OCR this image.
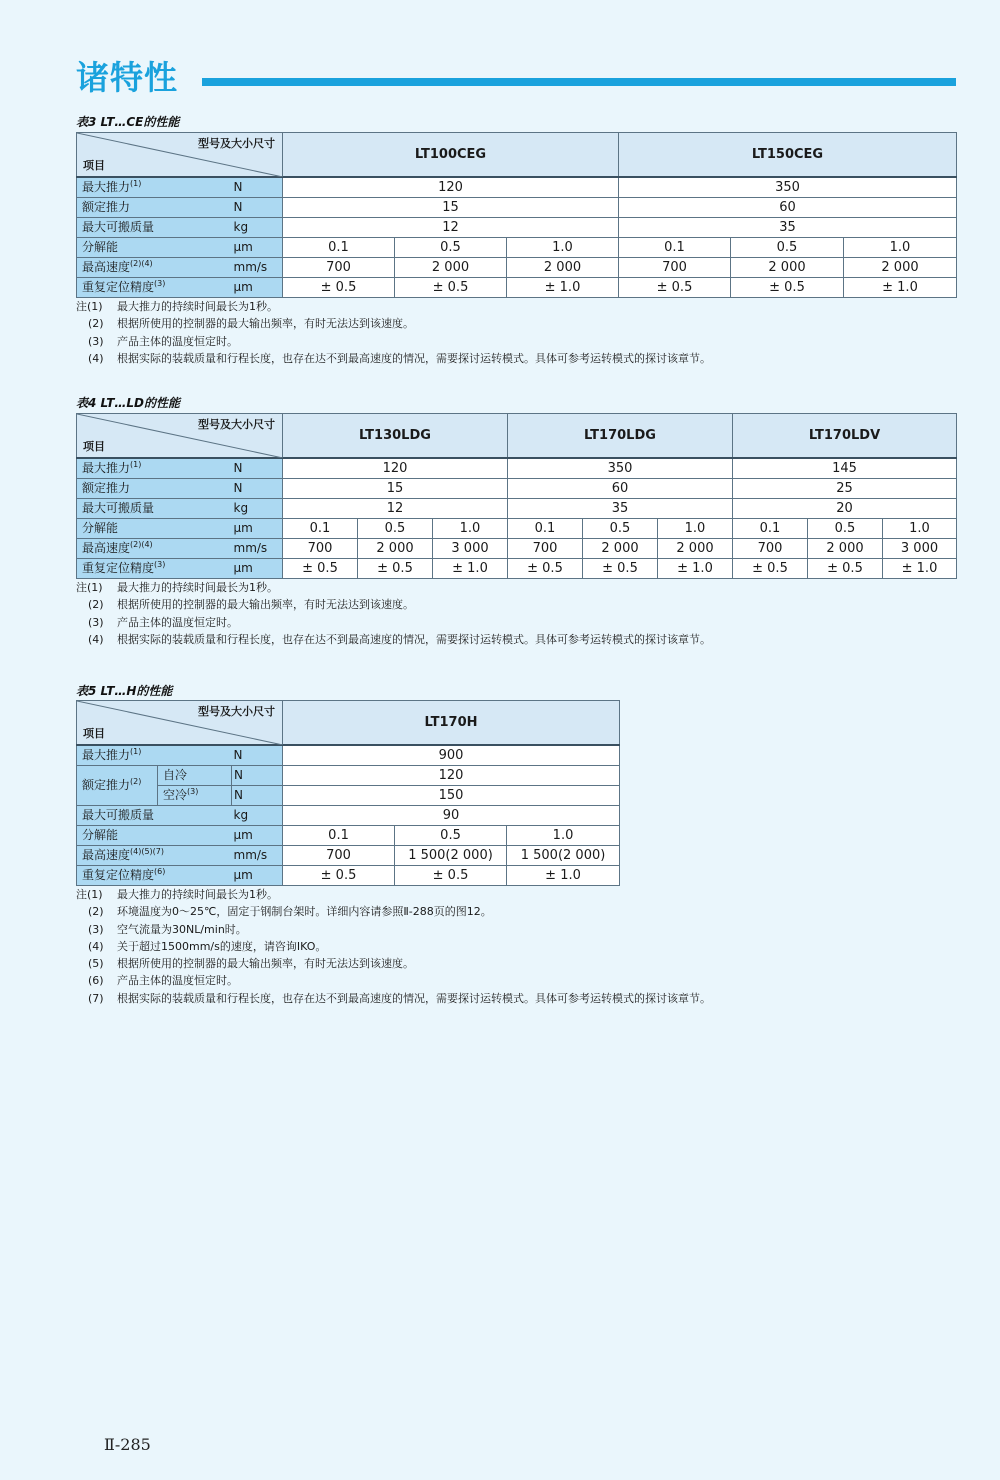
诸特性
表3 LT…CE的性能
型号及大小尺寸
项目		LT100CEG			LT150CEG		
最大推力$^{(1)}$	N	120			350		
额定推力	N	15			60		
最大可搬质量	kg	12			35		
分解能	μm	0.1	0.5	1.0	0.1	0.5	1.0
最高速度$^{(2)(4)}$	mm/s	700	2 000	2 000	700	2 000	2 000
重复定位精度$^{(3)}$	μm	± 0.5	± 0.5	± 1.0	± 0.5	± 0.5	± 1.0
注(1)	最大推力的持续时间最长为1秒。
(2)	根据所使用的控制器的最大输出频率，有时无法达到该速度。
(3)	产品主体的温度恒定时。
(4)	根据实际的装载质量和行程长度，也存在达不到最高速度的情况，需要探讨运转模式。具体可参考运转模式的探讨该章节。
表4 LT…LD的性能
型号及大小尺寸
项目		LT130LDG			LT170LDG			LT170LDV		
最大推力$^{(1)}$	N	120			350			145		
额定推力	N	15			60			25		
最大可搬质量	kg	12			35			20		
分解能	μm	0.1	0.5	1.0	0.1	0.5	1.0	0.1	0.5	1.0
最高速度$^{(2)(4)}$	mm/s	700	2 000	3 000	700	2 000	2 000	700	2 000	3 000
重复定位精度$^{(3)}$	μm	± 0.5	± 0.5	± 1.0	± 0.5	± 0.5	± 1.0	± 0.5	± 0.5	± 1.0
注(1)	最大推力的持续时间最长为1秒。
(2)	根据所使用的控制器的最大输出频率，有时无法达到该速度。
(3)	产品主体的温度恒定时。
(4)	根据实际的装载质量和行程长度，也存在达不到最高速度的情况，需要探讨运转模式。具体可参考运转模式的探讨该章节。
表5 LT…H的性能
型号及大小尺寸
项目			LT170H		
最大推力$^{(1)}$		N	900		
额定推力$^{(2)}$	自冷	N	120		
	空冷$^{(3)}$	N	150		
最大可搬质量		kg	90		
分解能		μm	0.1	0.5	1.0
最高速度$^{(4)(5)(7)}$		mm/s	700	1 500(2 000)	1 500(2 000)
重复定位精度$^{(6)}$		μm	± 0.5	± 0.5	± 1.0
注(1)	最大推力的持续时间最长为1秒。
(2)	环境温度为0～25℃，固定于钢制台架时。详细内容请参照Ⅱ-288页的图12。
(3)	空气流量为30NL/min时。
(4)	关于超过1500mm/s的速度，请咨询IKO。
(5)	根据所使用的控制器的最大输出频率，有时无法达到该速度。
(6)	产品主体的温度恒定时。
(7)	根据实际的装载质量和行程长度，也存在达不到最高速度的情况，需要探讨运转模式。具体可参考运转模式的探讨该章节。
Ⅱ-285
